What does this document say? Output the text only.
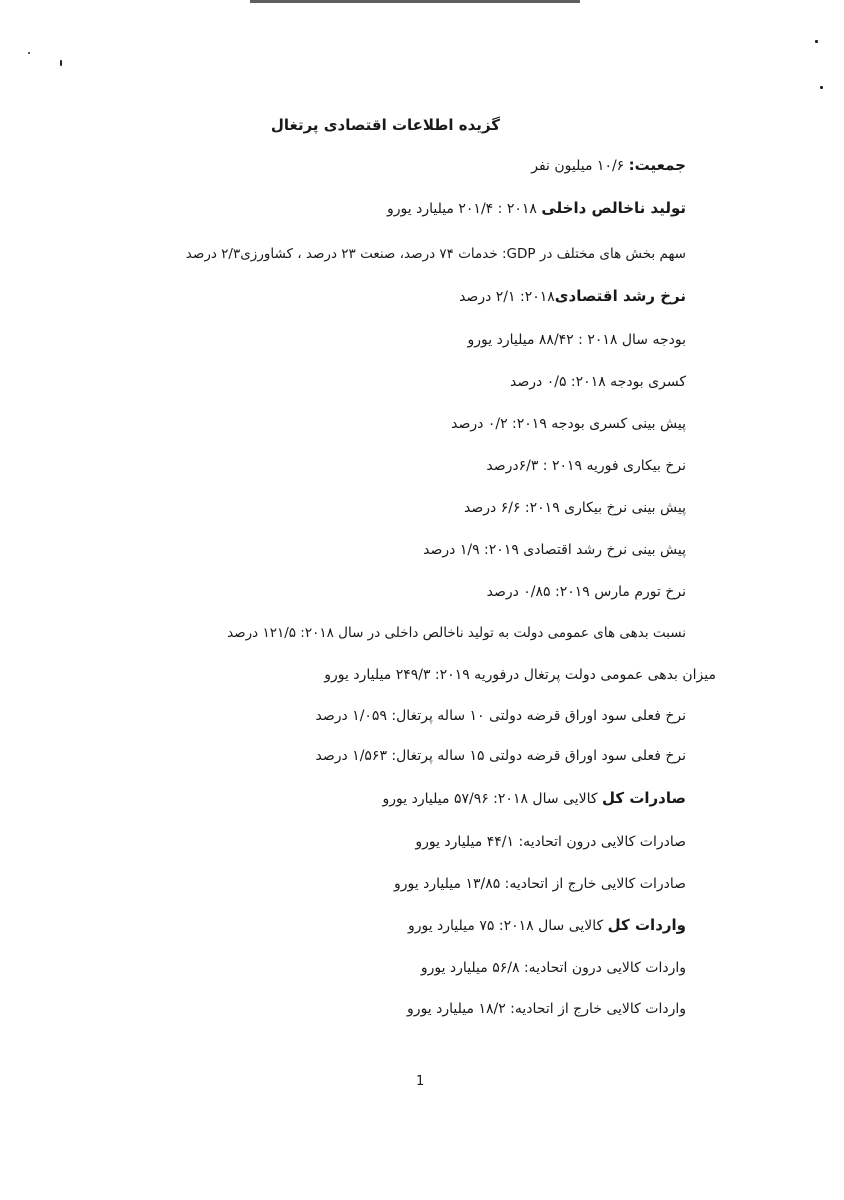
گزیده اطلاعات اقتصادی پرتغال
جمعیت: ۱۰/۶ میلیون نفر
تولید ناخالص داخلی ۲۰۱۸ : ۲۰۱/۴ میلیارد یورو
سهم بخش های مختلف در GDP: خدمات ۷۴ درصد، صنعت ۲۳ درصد ، کشاورزی۲/۳ درصد
نرخ رشد اقتصادی۲۰۱۸: ۲/۱ درصد
بودجه سال ۲۰۱۸ : ۸۸/۴۲ میلیارد یورو
کسری بودجه ۲۰۱۸: ۰/۵ درصد
پیش بینی کسری بودجه ۲۰۱۹: ۰/۲ درصد
نرخ بیکاری فوریه ۲۰۱۹ : ۶/۳درصد
پیش بینی نرخ بیکاری ۲۰۱۹: ۶/۶ درصد
پیش بینی نرخ رشد اقتصادی ۲۰۱۹: ۱/۹ درصد
نرخ تورم مارس ۲۰۱۹: ۰/۸۵ درصد
نسبت بدهی های عمومی دولت به تولید ناخالص داخلی در سال ۲۰۱۸: ۱۲۱/۵ درصد
میزان بدهی عمومی دولت پرتغال درفوریه ۲۰۱۹: ۲۴۹/۳ میلیارد یورو
نرخ فعلی سود اوراق قرضه دولتی ۱۰ ساله پرتغال: ۱/۰۵۹ درصد
نرخ فعلی سود اوراق قرضه دولتی ۱۵ ساله پرتغال: ۱/۵۶۳ درصد
صادرات کل کالایی سال ۲۰۱۸: ۵۷/۹۶ میلیارد یورو
صادرات کالایی درون اتحادیه: ۴۴/۱ میلیارد یورو
صادرات کالایی خارج از اتحادیه: ۱۳/۸۵ میلیارد یورو
واردات کل کالایی سال ۲۰۱۸: ۷۵ میلیارد یورو
واردات کالایی درون اتحادیه: ۵۶/۸ میلیارد یورو
واردات کالایی خارج از اتحادیه: ۱۸/۲ میلیارد یورو
1
